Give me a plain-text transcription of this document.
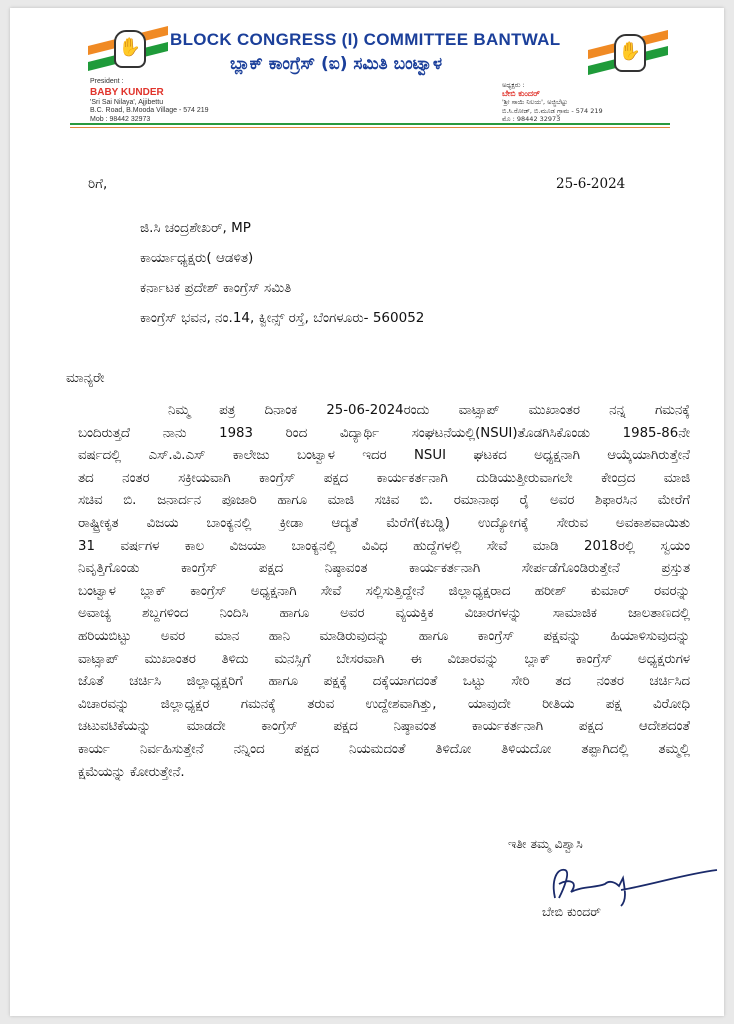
✋	✋
BLOCK CONGRESS (I) COMMITTEE BANTWAL
ಬ್ಲಾಕ್ ಕಾಂಗ್ರೆಸ್ (ಐ) ಸಮಿತಿ ಬಂಟ್ವಾಳ
President :
BABY KUNDER
'Sri Sai Nilaya', Ajjibettu
B.C. Road, B.Mooda Village - 574 219
Mob : 98442 32973
ಅಧ್ಯಕ್ಷರು :
ಬೇಬಿ ಕುಂದರ್
'ಶ್ರೀ ಸಾಯಿ ನಿಲಯ', ಅಜ್ಜಿಬೆಟ್ಟು
ಬಿ.ಸಿ.ರೋಡ್, ಬಿ.ಮೂಡ ಗ್ರಾಮ - 574 219
ಮೊ : 98442 32973
ರಿಗೆ,	25-6-2024
ಜಿ.ಸಿ ಚಂದ್ರಶೇಖರ್, MP
ಕಾರ್ಯಾಧ್ಯಕ್ಷರು( ಆಡಳಿತ)
ಕರ್ನಾಟಕ ಪ್ರದೇಶ್ ಕಾಂಗ್ರೆಸ್ ಸಮಿತಿ
ಕಾಂಗ್ರೆಸ್ ಭವನ, ನಂ.14, ಕ್ವೀನ್ಸ್ ರಸ್ತೆ, ಬೆಂಗಳೂರು- 560052
ಮಾನ್ಯರೇ
ನಿಮ್ಮ ಪತ್ರ ದಿನಾಂಕ 25-06-2024ರಂದು ವಾಟ್ಸಾಪ್ ಮುಖಾಂತರ ನನ್ನ ಗಮನಕ್ಕೆ
ಬಂದಿರುತ್ತದೆ ನಾನು 1983 ರಿಂದ ವಿದ್ಯಾರ್ಥಿ ಸಂಘಟನೆಯಲ್ಲಿ(NSUI)ತೊಡಗಿಸಿಕೊಂಡು 1985-86ನೇ
ವರ್ಷದಲ್ಲಿ ಎಸ್.ವಿ.ಎಸ್ ಕಾಲೇಜು ಬಂಟ್ವಾಳ ಇದರ NSUI ಘಟಕದ ಅಧ್ಯಕ್ಷನಾಗಿ ಆಯ್ಕೆಯಾಗಿರುತ್ತೇನೆ
ತದ ನಂತರ ಸಕ್ರೀಯವಾಗಿ ಕಾಂಗ್ರೆಸ್ ಪಕ್ಷದ ಕಾರ್ಯಕರ್ತನಾಗಿ ದುಡಿಯುತ್ತೀರುವಾಗಲೇ ಕೇಂದ್ರದ ಮಾಜಿ
ಸಚಿವ ಬಿ. ಜನಾರ್ದನ ಪೂಜಾರಿ ಹಾಗೂ ಮಾಜಿ ಸಚಿವ ಬಿ. ರಮಾನಾಥ ರೈ ಅವರ ಶಿಫಾರಸಿನ ಮೇರೆಗೆ
ರಾಷ್ಟ್ರೀಕೃತ ವಿಜಯ ಬಾಂಕ್ಯನಲ್ಲಿ ಕ್ರೀಡಾ ಆದ್ಯತೆ ಮೆರೆಗೆ(ಕಬಡ್ಡಿ) ಉದ್ಯೋಗಕ್ಕೆ ಸೇರುವ ಅವಕಾಶವಾಯಿತು
31 ವರ್ಷಗಳ ಕಾಲ ವಿಜಯಾ ಬಾಂಕ್ಯನಲ್ಲಿ ವಿವಿಧ ಹುದ್ದೆಗಳಲ್ಲಿ ಸೇವೆ ಮಾಡಿ 2018ರಲ್ಲಿ ಸ್ವಯಂ
ನಿವೃತ್ತಿಗೊಂಡು ಕಾಂಗ್ರೆಸ್ ಪಕ್ಷದ ನಿಷ್ಠಾವಂತ ಕಾರ್ಯಕರ್ತನಾಗಿ ಸೇರ್ಪಡೆಗೊಂಡಿರುತ್ತೇನೆ ಪ್ರಸ್ತುತ
ಬಂಟ್ವಾಳ ಬ್ಲಾಕ್ ಕಾಂಗ್ರೆಸ್ ಅಧ್ಯಕ್ಷನಾಗಿ ಸೇವೆ ಸಲ್ಲಿಸುತ್ತಿದ್ದೇನೆ ಜಿಲ್ಲಾಧ್ಯಕ್ಷರಾದ ಹರೀಶ್ ಕುಮಾರ್ ರವರನ್ನು
ಅವಾಚ್ಯ ಶಬ್ದಗಳಿಂದ ನಿಂದಿಸಿ ಹಾಗೂ ಅವರ ವ್ಯಯಕ್ತಿಕ ವಿಚಾರಗಳನ್ನು ಸಾಮಾಜಿಕ ಜಾಲತಾಣದಲ್ಲಿ
ಹರಿಯಬಿಟ್ಟು ಅವರ ಮಾನ ಹಾನಿ ಮಾಡಿರುವುದನ್ನು ಹಾಗೂ ಕಾಂಗ್ರೆಸ್ ಪಕ್ಷವನ್ನು ಹಿಯಾಳಿಸುವುದನ್ನು
ವಾಟ್ಸಾಪ್ ಮುಖಾಂತರ ತಿಳಿದು ಮನಸ್ಸಿಗೆ ಬೇಸರವಾಗಿ ಈ ವಿಚಾರವನ್ನು ಬ್ಲಾಕ್ ಕಾಂಗ್ರೆಸ್ ಅಧ್ಯಕ್ಷರುಗಳ
ಜೊತೆ ಚರ್ಚಿಸಿ ಜಿಲ್ಲಾಧ್ಯಕ್ಷರಿಗೆ ಹಾಗೂ ಪಕ್ಷಕ್ಕೆ ದಕ್ಕೆಯಾಗದಂತೆ ಒಟ್ಟು ಸೇರಿ ತದ ನಂತರ ಚರ್ಚಿಸಿದ
ವಿಚಾರವನ್ನು ಜಿಲ್ಲಾಧ್ಯಕ್ಷರ ಗಮನಕ್ಕೆ ತರುವ ಉದ್ದೇಶವಾಗಿತ್ತು, ಯಾವುದೇ ರೀತಿಯ ಪಕ್ಷ ವಿರೋಧಿ
ಚಟುವಟಿಕೆಯನ್ನು ಮಾಡದೇ ಕಾಂಗ್ರೆಸ್ ಪಕ್ಷದ ನಿಷ್ಠಾವಂತ ಕಾರ್ಯಕರ್ತನಾಗಿ ಪಕ್ಷದ ಆದೇಶದಂತೆ
ಕಾರ್ಯ ನಿರ್ವಹಿಸುತ್ತೇನೆ ನನ್ನಿಂದ ಪಕ್ಷದ ನಿಯಮದಂತೆ ತಿಳಿದೋ ತಿಳಿಯದೋ ತಪ್ಪಾಗಿದಲ್ಲಿ ತಮ್ಮಲ್ಲಿ
ಕ್ಷಮೆಯನ್ನು ಕೋರುತ್ತೇನೆ.
ಇತೀ ತಮ್ಮ ವಿಶ್ವಾಸಿ
ಬೇಬಿ ಕುಂದರ್
